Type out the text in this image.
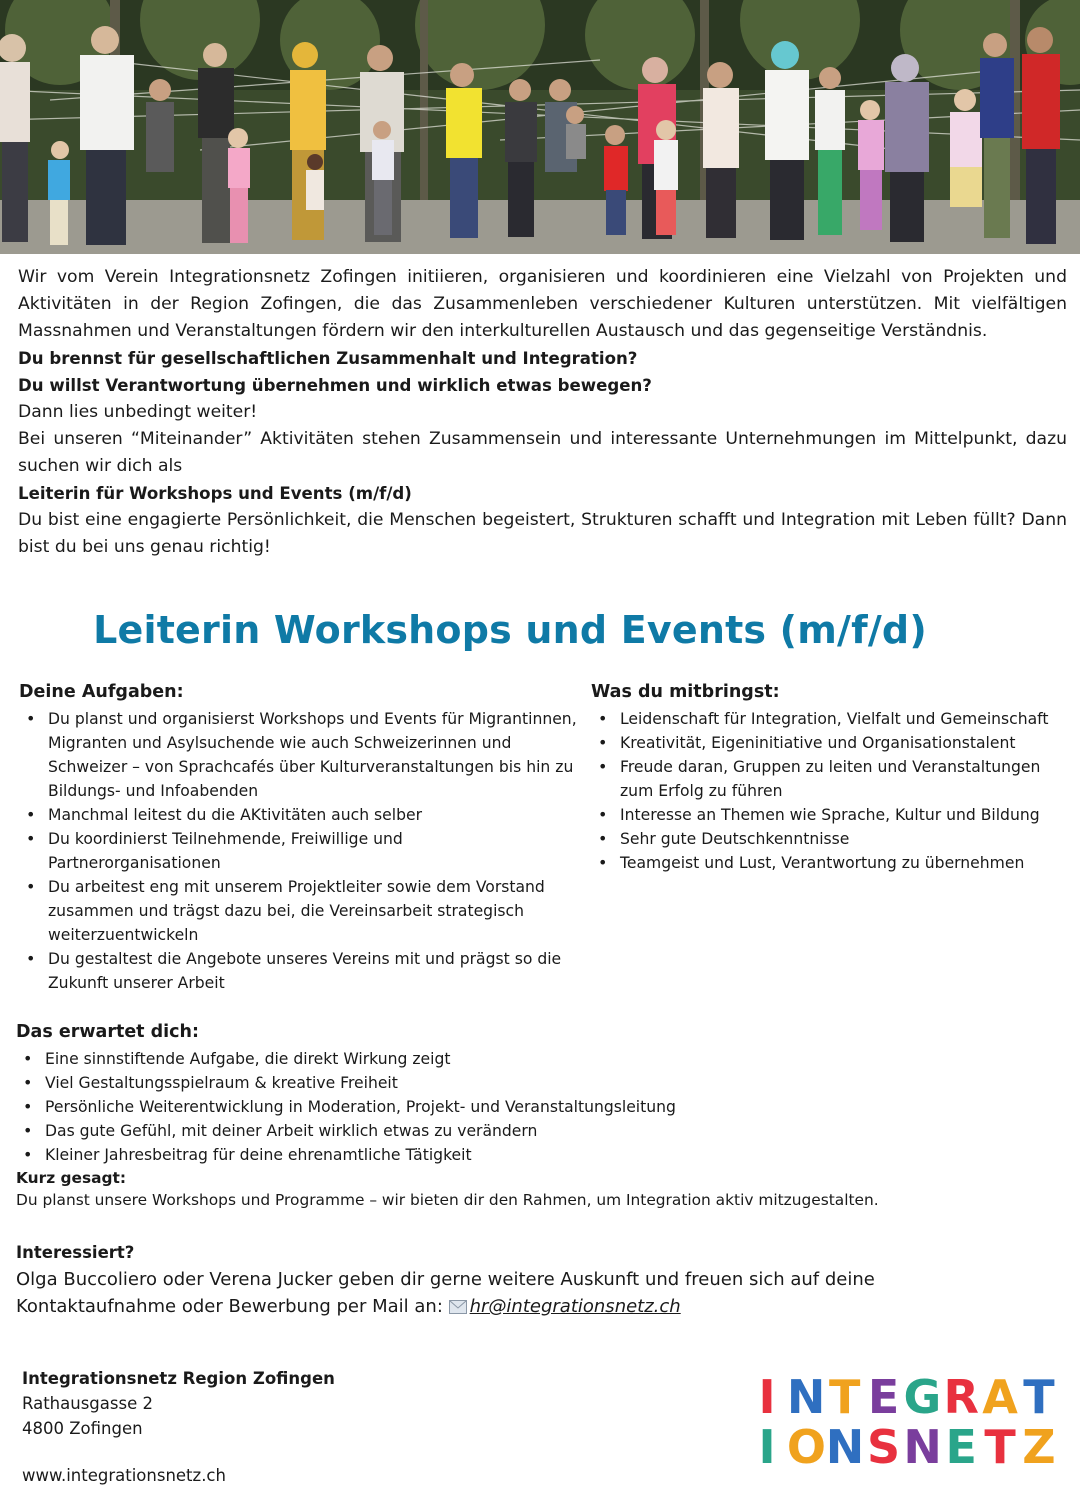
Wir vom Verein Integrationsnetz Zofingen initiieren, organisieren und koordinieren eine Vielzahl von Projekten und Aktivitäten in der Region Zofingen, die das Zusammenleben verschiedener Kulturen unterstützen. Mit vielfältigen Massnahmen und Veranstaltungen fördern wir den interkulturellen Austausch und das gegenseitige Verständnis.

Du brennst für gesellschaftlichen Zusammenhalt und Integration?
Du willst Verantwortung übernehmen und wirklich etwas bewegen?
Dann lies unbedingt weiter!

Bei unseren “Miteinander” Aktivitäten stehen Zusammensein und interessante Unternehmungen im Mittelpunkt, dazu suchen wir dich als

Leiterin für Workshops und Events (m/f/d)

Du bist eine engagierte Persönlichkeit, die Menschen begeistert, Strukturen schafft und Integration mit Leben füllt? Dann bist du bei uns genau richtig!

Leiterin Workshops und Events (m/f/d)
Deine Aufgaben:
• Du planst und organisierst Workshops und Events für Migrantinnen, Migranten und Asylsuchende wie auch Schweizerinnen und Schweizer – von Sprachcafés über Kulturveranstaltungen bis hin zu Bildungs- und Infoabenden
• Manchmal leitest du die AKtivitäten auch selber
• Du koordinierst Teilnehmende, Freiwillige und Partnerorganisationen
• Du arbeitest eng mit unserem Projektleiter sowie dem Vorstand zusammen und trägst dazu bei, die Vereinsarbeit strategisch weiterzuentwickeln
• Du gestaltest die Angebote unseres Vereins mit und prägst so die Zukunft unserer Arbeit
Was du mitbringst:
• Leidenschaft für Integration, Vielfalt und Gemeinschaft
• Kreativität, Eigeninitiative und Organisationstalent
• Freude daran, Gruppen zu leiten und Veranstaltungen zum Erfolg zu führen
• Interesse an Themen wie Sprache, Kultur und Bildung
• Sehr gute Deutschkenntnisse
• Teamgeist und Lust, Verantwortung zu übernehmen
Das erwartet dich:
• Eine sinnstiftende Aufgabe, die direkt Wirkung zeigt
• Viel Gestaltungsspielraum & kreative Freiheit
• Persönliche Weiterentwicklung in Moderation, Projekt- und Veranstaltungsleitung
• Das gute Gefühl, mit deiner Arbeit wirklich etwas zu verändern
• Kleiner Jahresbeitrag für deine ehrenamtliche Tätigkeit
Kurz gesagt:
Du planst unsere Workshops und Programme – wir bieten dir den Rahmen, um Integration aktiv mitzugestalten.
Interessiert?
Olga Buccoliero oder Verena Jucker geben dir gerne weitere Auskunft und freuen sich auf deine
Kontaktaufnahme oder Bewerbung per Mail an: hr@integrationsnetz.ch
Integrationsnetz Region Zofingen
Rathausgasse 2
4800 Zofingen
www.integrationsnetz.ch
I N T E G R A T
I O N S N E T Z
